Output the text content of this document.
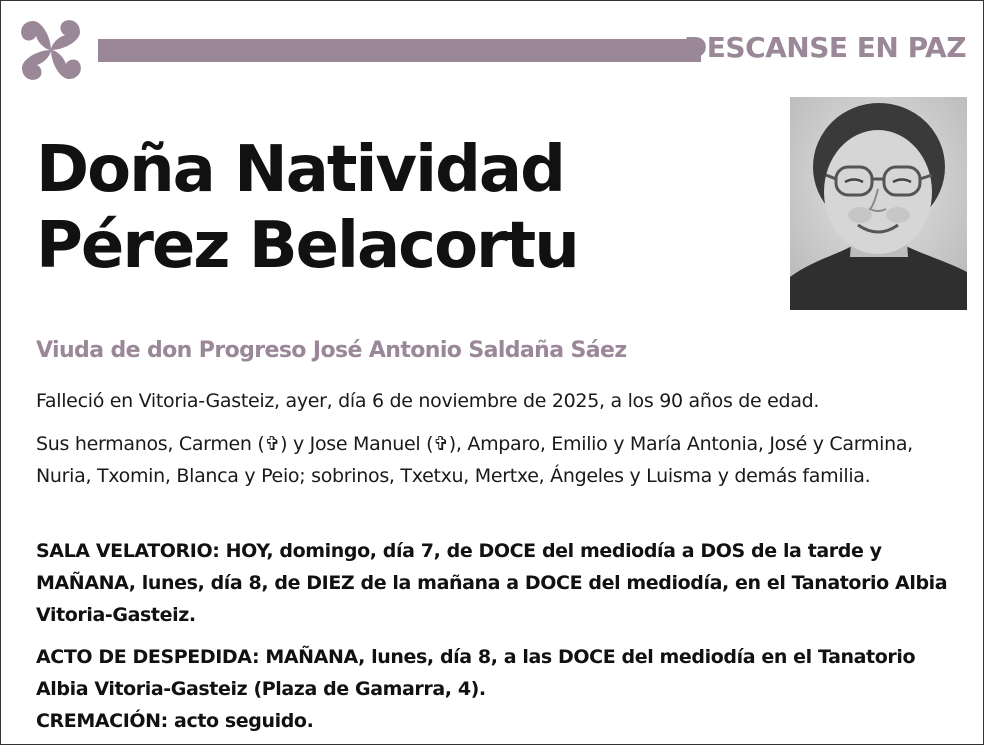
DESCANSE EN PAZ
Doña Natividad
Pérez Belacortu
Viuda de don Progreso José Antonio Saldaña Sáez
Falleció en Vitoria-Gasteiz, ayer, día 6 de noviembre de 2025, a los 90 años de edad.
Sus hermanos, Carmen (✞) y Jose Manuel (✞), Amparo, Emilio y María Antonia, José y Carmina, Nuria, Txomin, Blanca y Peio; sobrinos, Txetxu, Mertxe, Ángeles y Luisma y demás familia.
SALA VELATORIO: HOY, domingo, día 7, de DOCE del mediodía a DOS de la tarde y MAÑANA, lunes, día 8, de DIEZ de la mañana a DOCE del mediodía, en el Tanatorio Albia Vitoria-Gasteiz.
ACTO DE DESPEDIDA: MAÑANA, lunes, día 8, a las DOCE del mediodía en el Tanatorio Albia Vitoria-Gasteiz (Plaza de Gamarra, 4).
CREMACIÓN: acto seguido.
